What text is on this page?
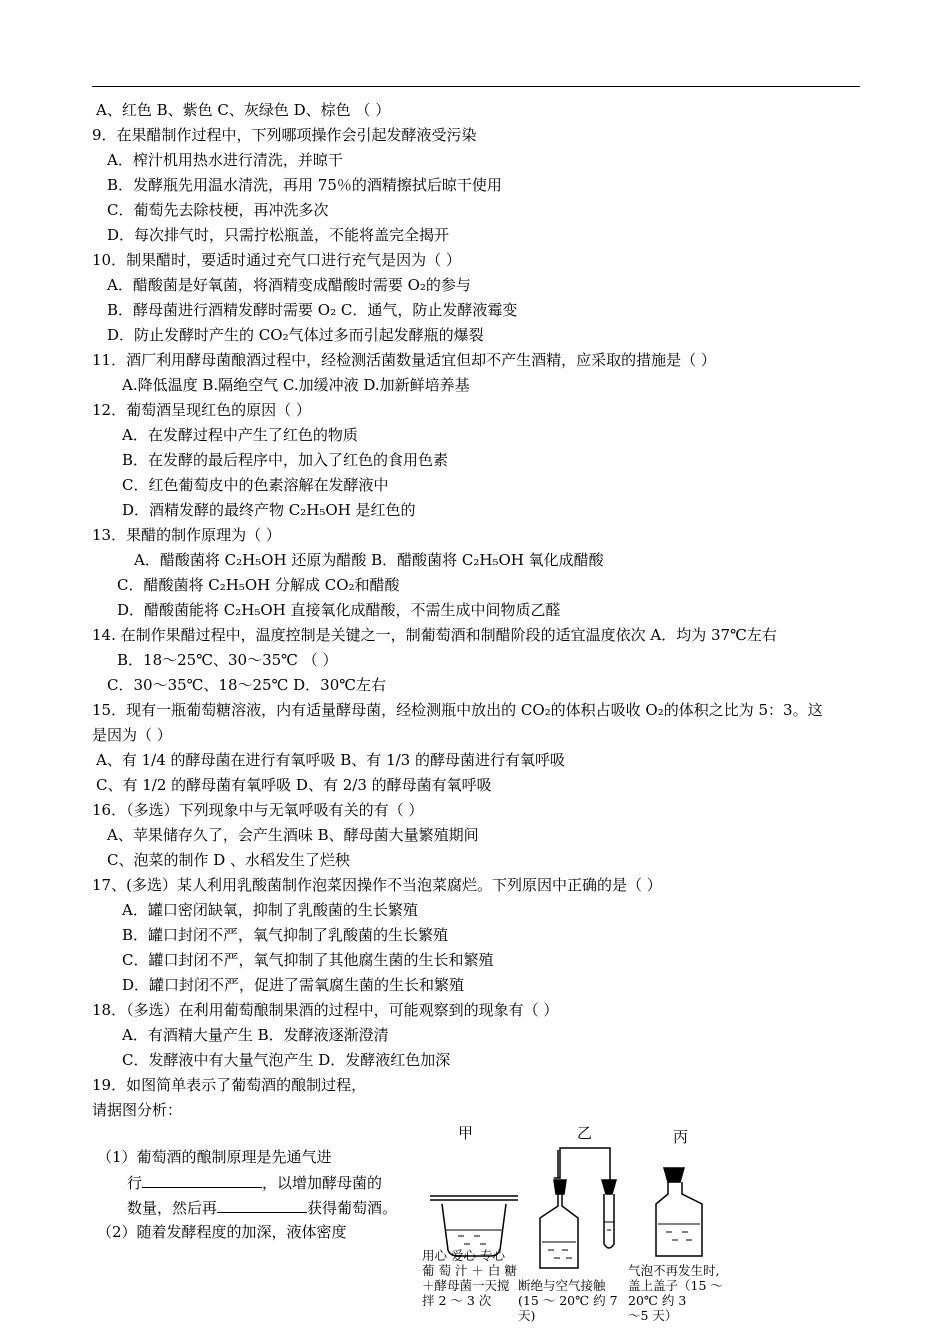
A、红色 B、紫色 C、灰绿色 D、棕色 （ ）
9．在果醋制作过程中，下列哪项操作会引起发酵液受污染
A．榨汁机用热水进行清洗，并晾干
B．发酵瓶先用温水清洗，再用 75％的酒精擦拭后晾干使用
C．葡萄先去除枝梗，再冲洗多次
D．每次排气时，只需拧松瓶盖，不能将盖完全揭开
10．制果醋时，要适时通过充气口进行充气是因为（ ）
A．醋酸菌是好氧菌，将酒精变成醋酸时需要 O₂的参与
B．酵母菌进行酒精发酵时需要 O₂ C．通气，防止发酵液霉变
D．防止发酵时产生的 CO₂气体过多而引起发酵瓶的爆裂
11．酒厂利用酵母菌酿酒过程中，经检测活菌数量适宜但却不产生酒精，应采取的措施是（ ）
A.降低温度 B.隔绝空气 C.加缓冲液 D.加新鲜培养基
12．葡萄酒呈现红色的原因（ ）
A．在发酵过程中产生了红色的物质
B．在发酵的最后程序中，加入了红色的食用色素
C．红色葡萄皮中的色素溶解在发酵液中
D．酒精发酵的最终产物 C₂H₅OH 是红色的
13．果醋的制作原理为（ ）
A．醋酸菌将 C₂H₅OH 还原为醋酸 B．醋酸菌将 C₂H₅OH 氧化成醋酸
C．醋酸菌将 C₂H₅OH 分解成 CO₂和醋酸
D．醋酸菌能将 C₂H₅OH 直接氧化成醋酸，不需生成中间物质乙醛
14. 在制作果醋过程中，温度控制是关键之一，制葡萄酒和制醋阶段的适宜温度依次 A．均为 37℃左右
B．18～25℃、30～35℃ （ ）
C．30～35℃、18～25℃ D．30℃左右
15．现有一瓶葡萄糖溶液，内有适量酵母菌，经检测瓶中放出的 CO₂的体积占吸收 O₂的体积之比为 5：3。这
是因为（ ）
A、有 1/4 的酵母菌在进行有氧呼吸 B、有 1/3 的酵母菌进行有氧呼吸
C、有 1/2 的酵母菌有氧呼吸 D、有 2/3 的酵母菌有氧呼吸
16．（多选）下列现象中与无氧呼吸有关的有（ ）
A、苹果储存久了，会产生酒味 B、酵母菌大量繁殖期间
C、泡菜的制作 D 、水稻发生了烂秧
17、(多选）某人利用乳酸菌制作泡菜因操作不当泡菜腐烂。下列原因中正确的是（ ）
A．罐口密闭缺氧，抑制了乳酸菌的生长繁殖
B．罐口封闭不严，氧气抑制了乳酸菌的生长繁殖
C．罐口封闭不严，氧气抑制了其他腐生菌的生长和繁殖
D．罐口封闭不严，促进了需氧腐生菌的生长和繁殖
18．（多选）在利用葡萄酿制果酒的过程中，可能观察到的现象有（ ）
A．有酒精大量产生 B．发酵液逐渐澄清
C．发酵液中有大量气泡产生 D．发酵液红色加深
19．如图简单表示了葡萄酒的酿制过程，
请据图分析：
（1）葡萄酒的酿制原理是先通气进
（2）随着发酵程度的加深，液体密度
行	，以增加酵母菌的
数量，然后再	获得葡萄酒。
甲	乙	丙
用心 爱心 专心
葡 萄 汁 ＋ 白 糖
＋酵母菌一天搅
拌 2 ～ 3 次
断绝与空气接触
(15 ～ 20℃ 约 7
天)
气泡不再发生时,
盖上盖子（15 ～
20℃ 约 3
～5 天）
